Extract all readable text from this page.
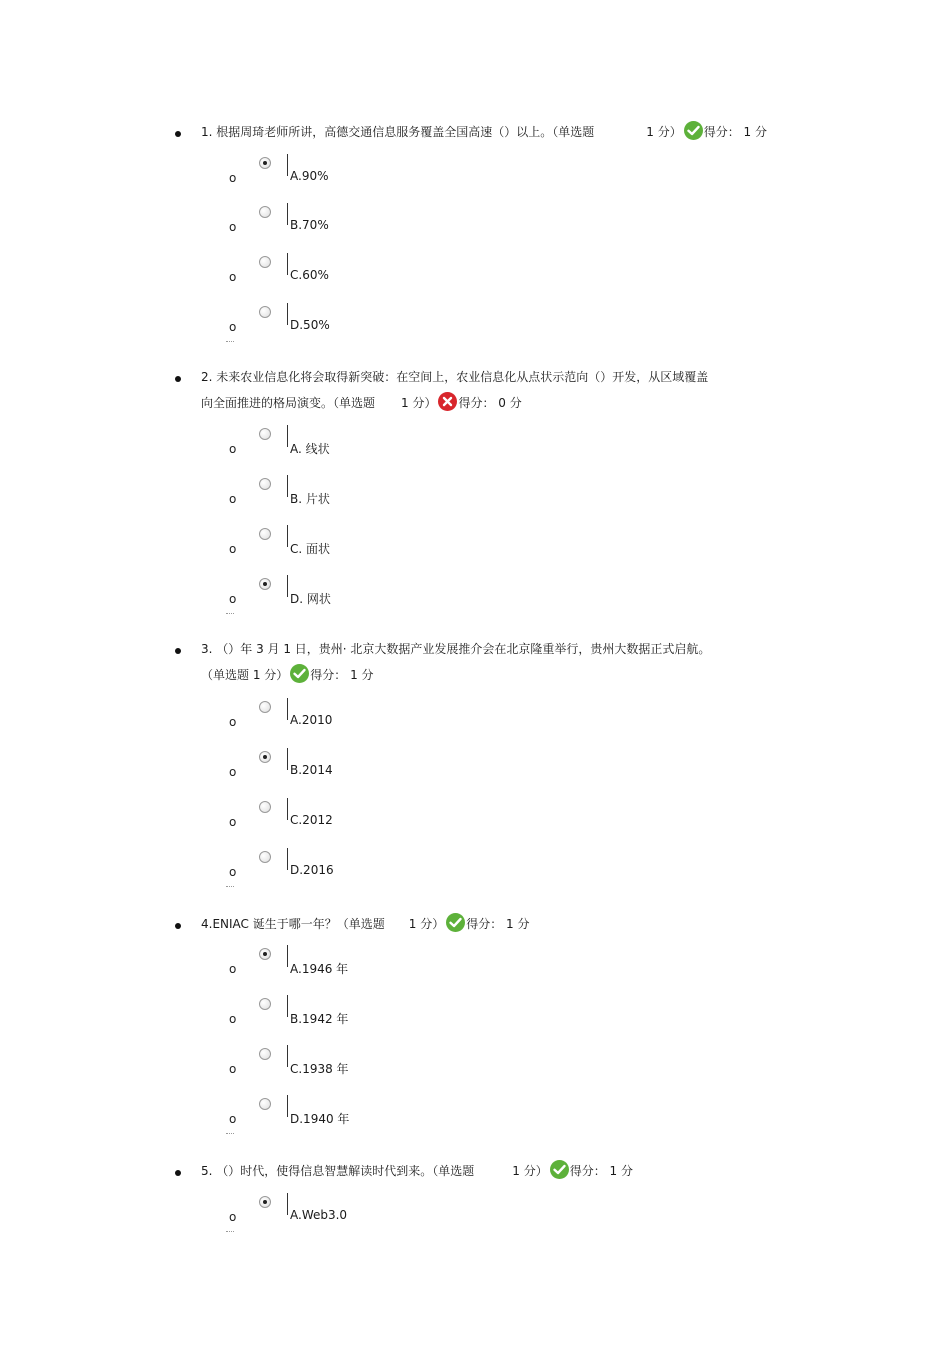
1. 根据周琦老师所讲，高德交通信息服务覆盖全国高速（）以上。（单选题	1 分） 得分： 1 分
o	A.90%
o	B.70%
o	C.60%
o	D.50%
2. 未来农业信息化将会取得新突破：在空间上，农业信息化从点状示范向（）开发，从区域覆盖
向全面推进的格局演变。（单选题 1 分） 得分： 0 分
o	A. 线状
o	B. 片状
o	C. 面状
o	D. 网状
3. （）年 3 月 1 日，贵州· 北京大数据产业发展推介会在北京隆重举行，贵州大数据正式启航。
（单选题 1 分） 得分： 1 分
o	A.2010
o	B.2014
o	C.2012
o	D.2016
4.ENIAC 诞生于哪一年？（单选题 1 分） 得分： 1 分
o	A.1946 年
o	B.1942 年
o	C.1938 年
o	D.1940 年
5. （）时代，使得信息智慧解读时代到来。（单选题	1 分） 得分： 1 分
o	A.Web3.0
